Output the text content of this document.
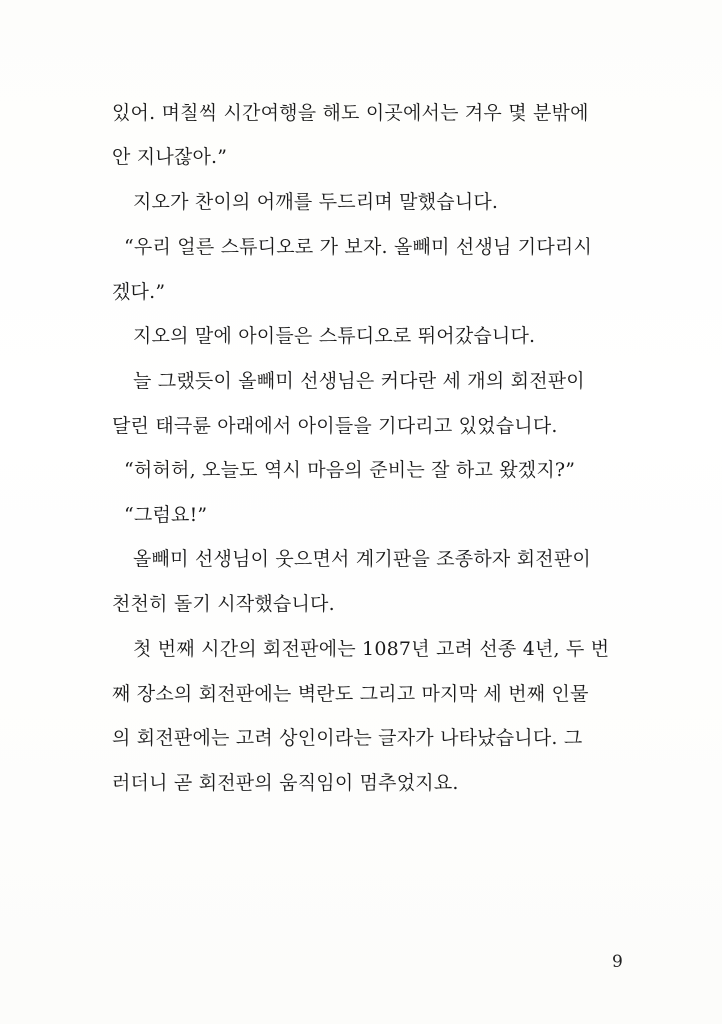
있어. 며칠씩 시간여행을 해도 이곳에서는 겨우 몇 분밖에
안 지나잖아.”
지오가 찬이의 어깨를 두드리며 말했습니다.
“우리 얼른 스튜디오로 가 보자. 올빼미 선생님 기다리시
겠다.”
지오의 말에 아이들은 스튜디오로 뛰어갔습니다.
늘 그랬듯이 올빼미 선생님은 커다란 세 개의 회전판이
달린 태극륜 아래에서 아이들을 기다리고 있었습니다.
“허허허, 오늘도 역시 마음의 준비는 잘 하고 왔겠지?”
“그럼요!”
올빼미 선생님이 웃으면서 계기판을 조종하자 회전판이
천천히 돌기 시작했습니다.
첫 번째 시간의 회전판에는 1087년 고려 선종 4년, 두 번
째 장소의 회전판에는 벽란도 그리고 마지막 세 번째 인물
의 회전판에는 고려 상인이라는 글자가 나타났습니다. 그
러더니 곧 회전판의 움직임이 멈추었지요.
9
